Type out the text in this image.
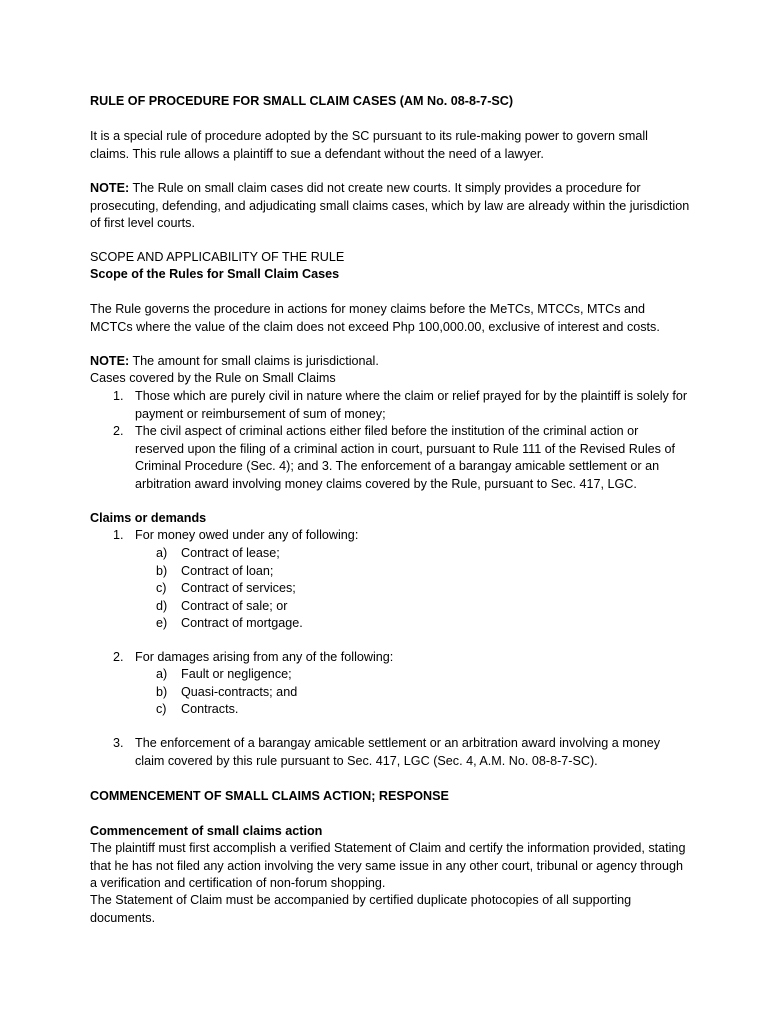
RULE OF PROCEDURE FOR SMALL CLAIM CASES (AM No. 08-8-7-SC)

It is a special rule of procedure adopted by the SC pursuant to its rule-making power to govern small claims. This rule allows a plaintiff to sue a defendant without the need of a lawyer.

NOTE: The Rule on small claim cases did not create new courts. It simply provides a procedure for prosecuting, defending, and adjudicating small claims cases, which by law are already within the jurisdiction of first level courts.

SCOPE AND APPLICABILITY OF THE RULE

Scope of the Rules for Small Claim Cases

The Rule governs the procedure in actions for money claims before the MeTCs, MTCCs, MTCs and MCTCs where the value of the claim does not exceed Php 100,000.00, exclusive of interest and costs.

NOTE: The amount for small claims is jurisdictional.

Cases covered by the Rule on Small Claims

1. Those which are purely civil in nature where the claim or relief prayed for by the plaintiff is solely for payment or reimbursement of sum of money;
2. The civil aspect of criminal actions either filed before the institution of the criminal action or reserved upon the filing of a criminal action in court, pursuant to Rule 111 of the Revised Rules of Criminal Procedure (Sec. 4); and 3. The enforcement of a barangay amicable settlement or an arbitration award involving money claims covered by the Rule, pursuant to Sec. 417, LGC.

Claims or demands

1. For money owed under any of following:
a) Contract of lease;
b) Contract of loan;
c) Contract of services;
d) Contract of sale; or
e) Contract of mortgage.
2. For damages arising from any of the following:
a) Fault or negligence;
b) Quasi-contracts; and
c) Contracts.
3. The enforcement of a barangay amicable settlement or an arbitration award involving a money claim covered by this rule pursuant to Sec. 417, LGC (Sec. 4, A.M. No. 08-8-7-SC).

COMMENCEMENT OF SMALL CLAIMS ACTION; RESPONSE

Commencement of small claims action

The plaintiff must first accomplish a verified Statement of Claim and certify the information provided, stating that he has not filed any action involving the very same issue in any other court, tribunal or agency through a verification and certification of non-forum shopping.

The Statement of Claim must be accompanied by certified duplicate photocopies of all supporting documents.
